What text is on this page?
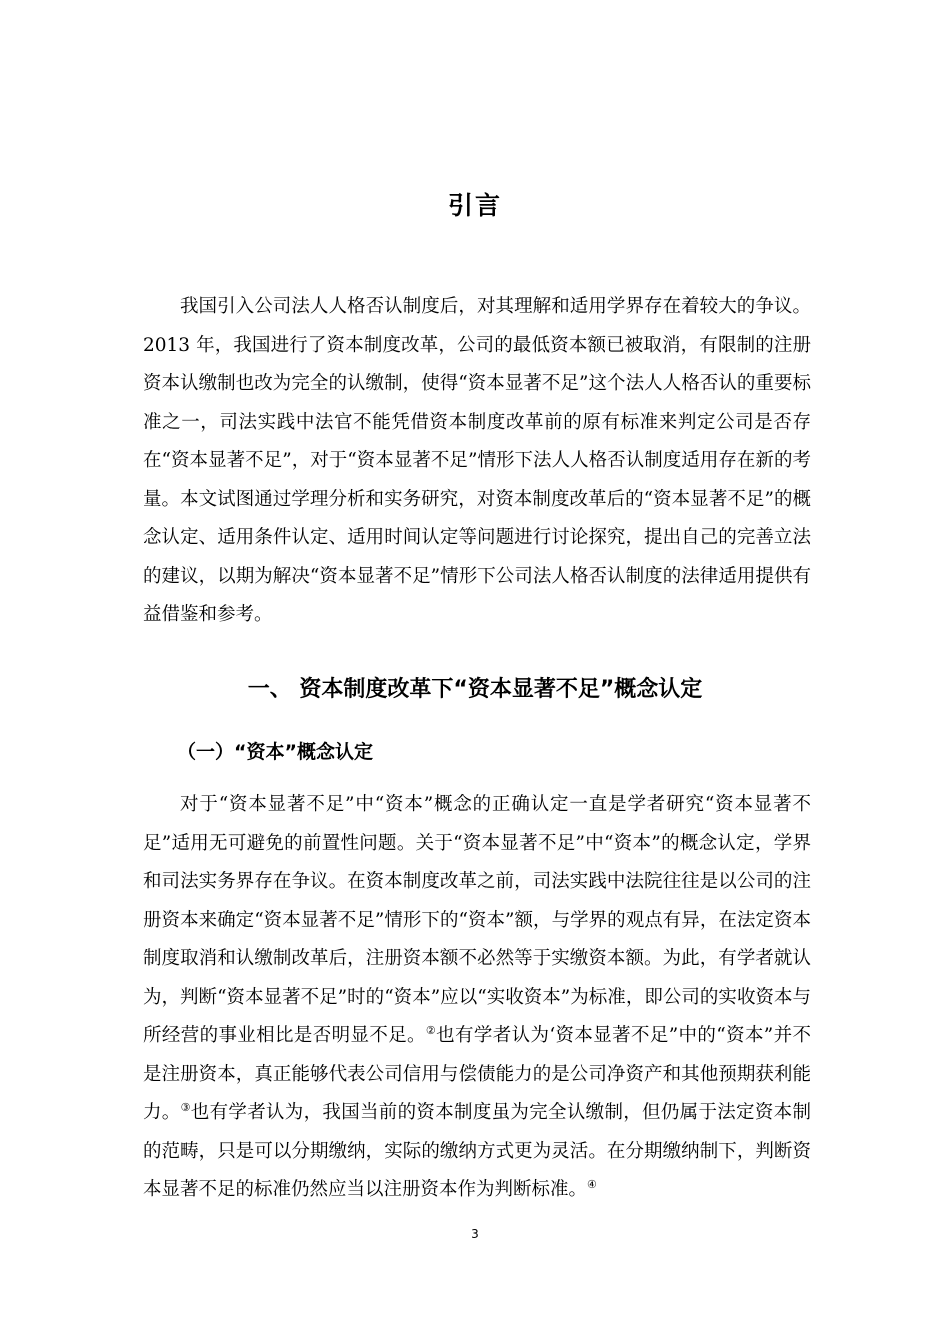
引言

我国引入公司法人人格否认制度后，对其理解和适用学界存在着较大的争议。2013 年，我国进行了资本制度改革，公司的最低资本额已被取消，有限制的注册资本认缴制也改为完全的认缴制，使得“资本显著不足”这个法人人格否认的重要标准之一，司法实践中法官不能凭借资本制度改革前的原有标准来判定公司是否存在“资本显著不足”，对于“资本显著不足”情形下法人人格否认制度适用存在新的考量。本文试图通过学理分析和实务研究，对资本制度改革后的“资本显著不足”的概念认定、适用条件认定、适用时间认定等问题进行讨论探究，提出自己的完善立法的建议，以期为解决“资本显著不足”情形下公司法人格否认制度的法律适用提供有益借鉴和参考。

一、 资本制度改革下“资本显著不足”概念认定
（一）“资本”概念认定

对于“资本显著不足”中“资本”概念的正确认定一直是学者研究“资本显著不足”适用无可避免的前置性问题。关于“资本显著不足”中“资本”的概念认定，学界和司法实务界存在争议。在资本制度改革之前，司法实践中法院往往是以公司的注册资本来确定“资本显著不足”情形下的“资本”额，与学界的观点有异，在法定资本制度取消和认缴制改革后，注册资本额不必然等于实缴资本额。为此，有学者就认为，判断“资本显著不足”时的“资本”应以“实收资本”为标准，即公司的实收资本与所经营的事业相比是否明显不足。②也有学者认为‘资本显著不足”中的“资本”并不是注册资本，真正能够代表公司信用与偿债能力的是公司净资产和其他预期获利能力。③也有学者认为，我国当前的资本制度虽为完全认缴制，但仍属于法定资本制的范畴，只是可以分期缴纳，实际的缴纳方式更为灵活。在分期缴纳制下，判断资本显著不足的标准仍然应当以注册资本作为判断标准。④

3
